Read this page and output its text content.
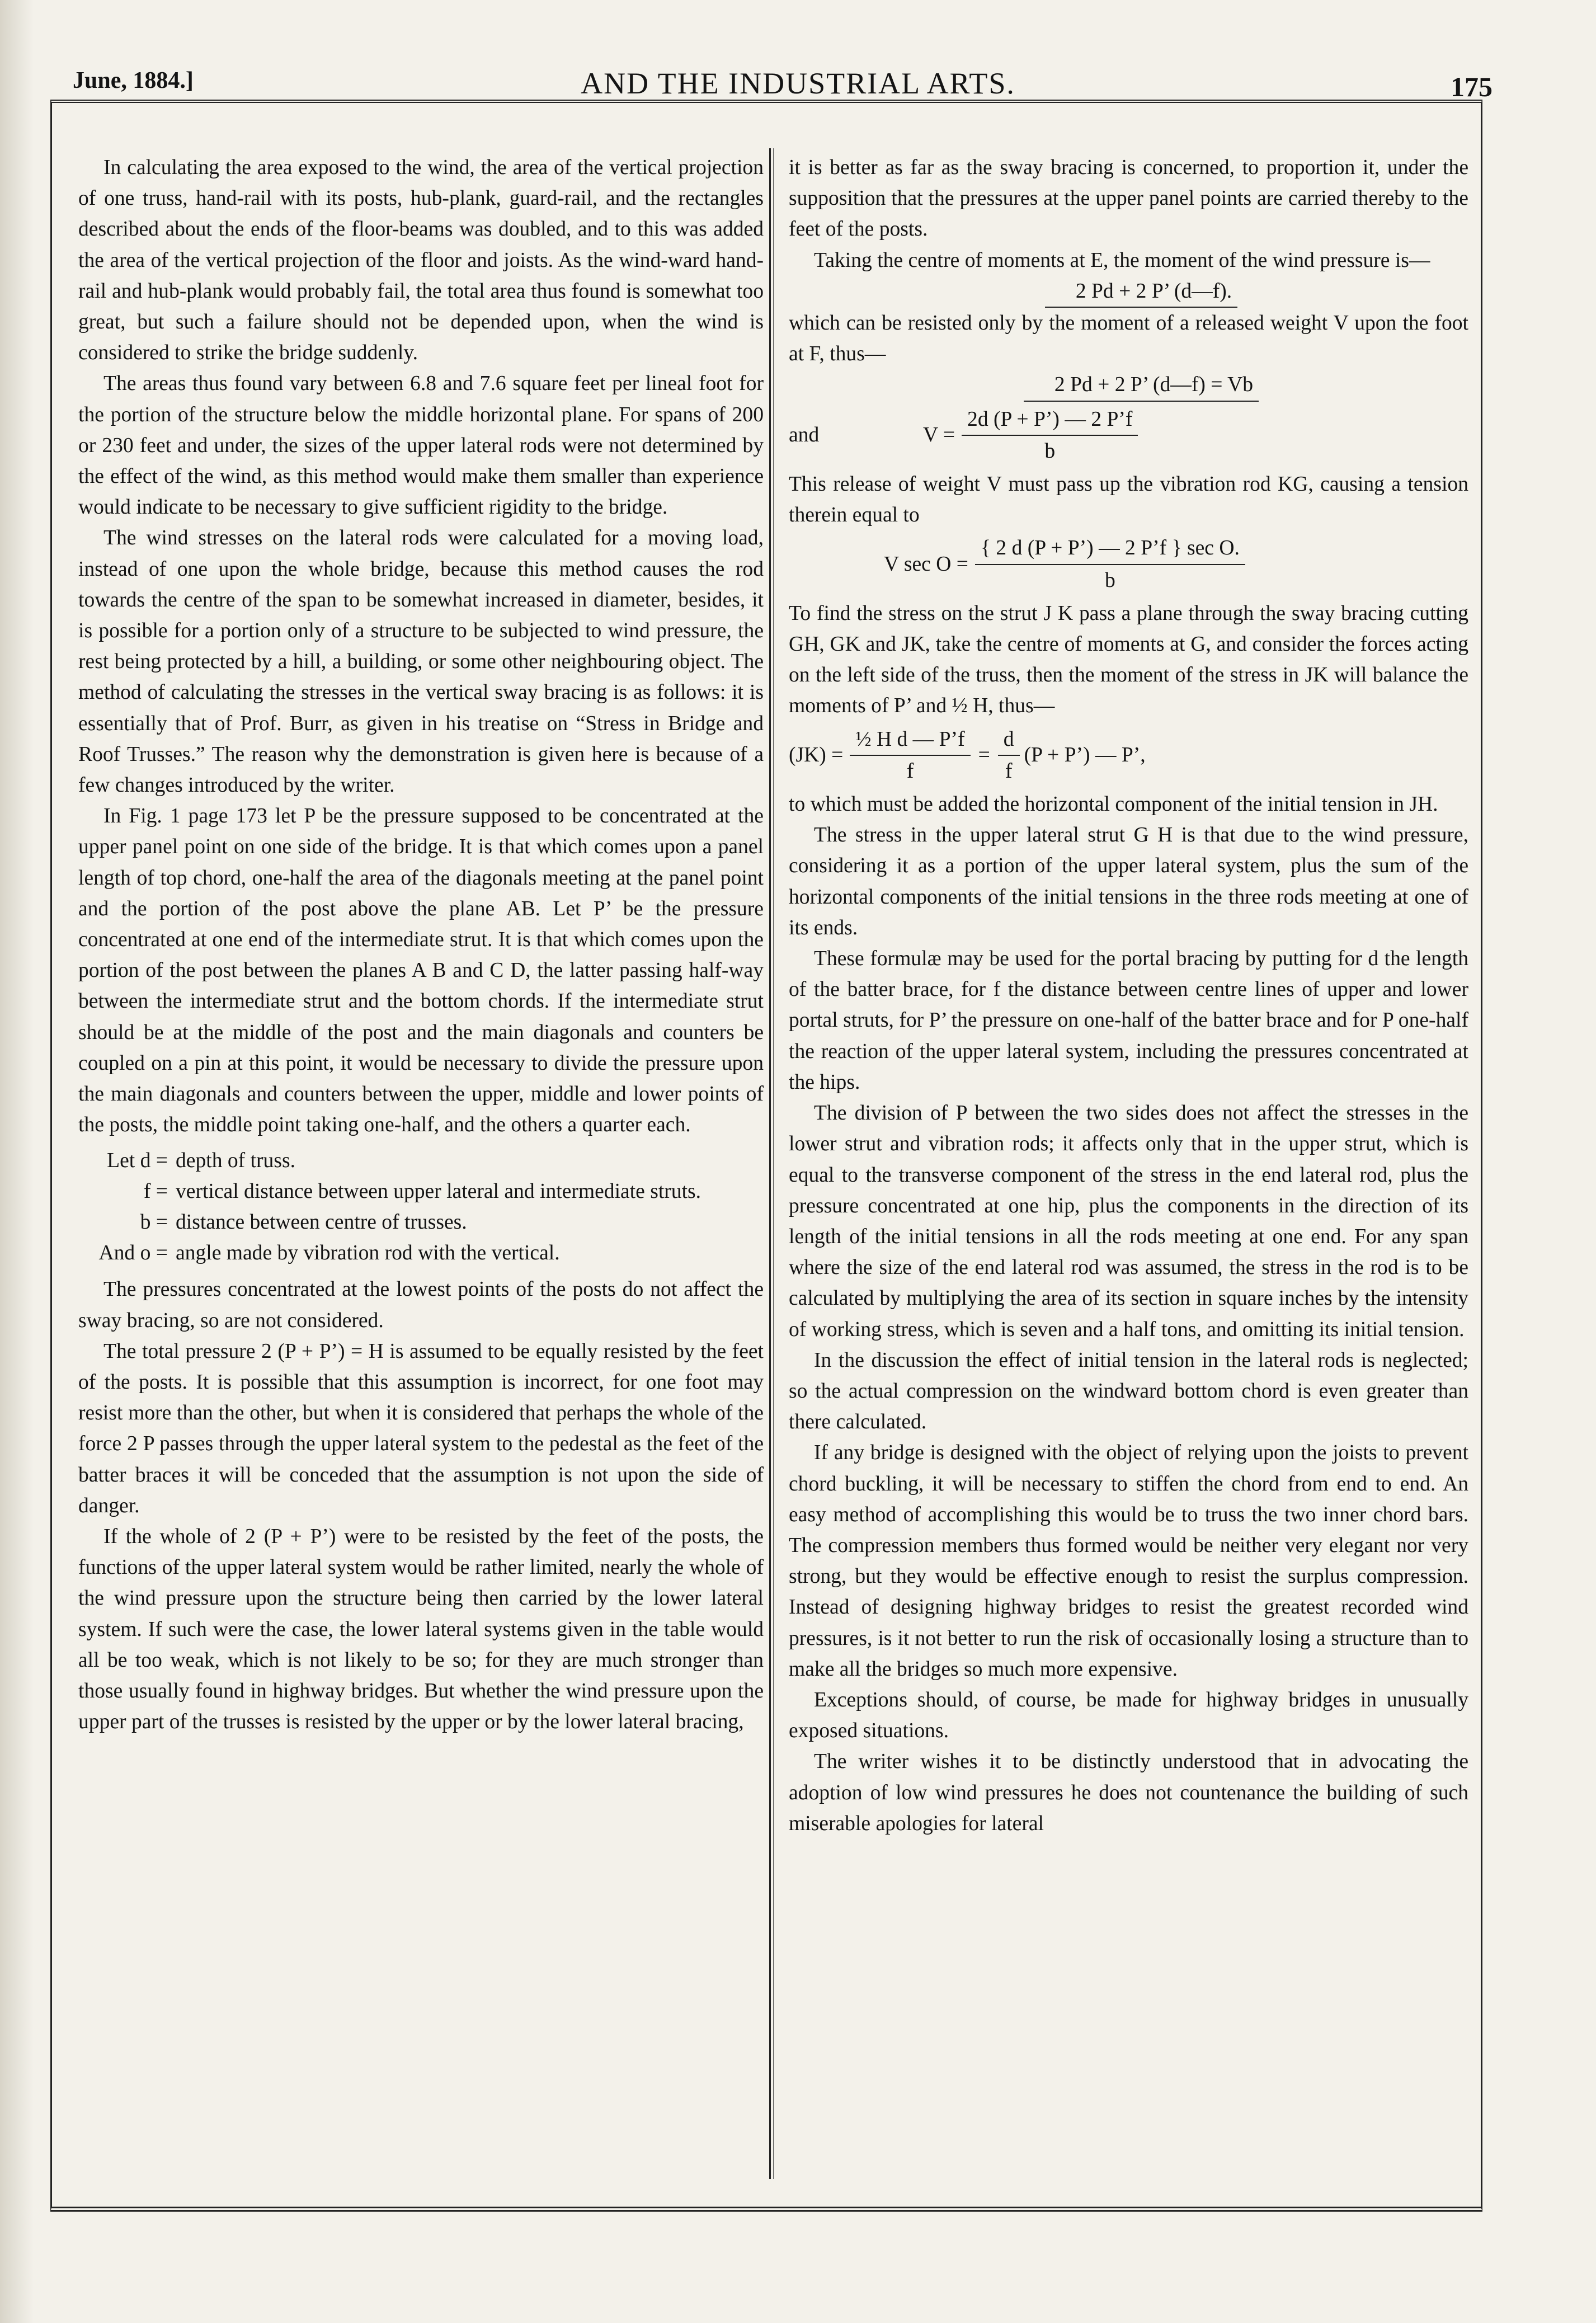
June, 1884.]	AND THE INDUSTRIAL ARTS.	175

In calculating the area exposed to the wind, the area of the vertical projection of one truss, hand-rail with its posts, hub-plank, guard-rail, and the rectangles described about the ends of the floor-beams was doubled, and to this was added the area of the vertical projection of the floor and joists. As the wind-ward hand-rail and hub-plank would probably fail, the total area thus found is somewhat too great, but such a failure should not be depended upon, when the wind is considered to strike the bridge suddenly.

The areas thus found vary between 6.8 and 7.6 square feet per lineal foot for the portion of the structure below the middle horizontal plane. For spans of 200 or 230 feet and under, the sizes of the upper lateral rods were not determined by the effect of the wind, as this method would make them smaller than experience would indicate to be necessary to give sufficient rigidity to the bridge.

The wind stresses on the lateral rods were calculated for a moving load, instead of one upon the whole bridge, because this method causes the rod towards the centre of the span to be somewhat increased in diameter, besides, it is possible for a portion only of a structure to be subjected to wind pressure, the rest being protected by a hill, a building, or some other neighbouring object. The method of calculating the stresses in the vertical sway bracing is as follows: it is essentially that of Prof. Burr, as given in his treatise on “Stress in Bridge and Roof Trusses.” The reason why the demonstration is given here is because of a few changes introduced by the writer.

In Fig. 1 page 173 let P be the pressure supposed to be concentrated at the upper panel point on one side of the bridge. It is that which comes upon a panel length of top chord, one-half the area of the diagonals meeting at the panel point and the portion of the post above the plane AB. Let P’ be the pressure concentrated at one end of the intermediate strut. It is that which comes upon the portion of the post between the planes A B and C D, the latter passing half-way between the intermediate strut and the bottom chords. If the intermediate strut should be at the middle of the post and the main diagonals and counters be coupled on a pin at this point, it would be necessary to divide the pressure upon the main diagonals and counters between the upper, middle and lower points of the posts, the middle point taking one-half, and the others a quarter each.

Let d = depth of truss.
f = vertical distance between upper lateral and intermediate struts.
b = distance between centre of trusses.
And o = angle made by vibration rod with the vertical.

The pressures concentrated at the lowest points of the posts do not affect the sway bracing, so are not considered.

The total pressure 2 (P + P’) = H is assumed to be equally resisted by the feet of the posts. It is possible that this assumption is incorrect, for one foot may resist more than the other, but when it is considered that perhaps the whole of the force 2 P passes through the upper lateral system to the pedestal as the feet of the batter braces it will be conceded that the assumption is not upon the side of danger.

If the whole of 2 (P + P’) were to be resisted by the feet of the posts, the functions of the upper lateral system would be rather limited, nearly the whole of the wind pressure upon the structure being then carried by the lower lateral system. If such were the case, the lower lateral systems given in the table would all be too weak, which is not likely to be so; for they are much stronger than those usually found in highway bridges. But whether the wind pressure upon the upper part of the trusses is resisted by the upper or by the lower lateral bracing,

it is better as far as the sway bracing is concerned, to proportion it, under the supposition that the pressures at the upper panel points are carried thereby to the feet of the posts.

Taking the centre of moments at E, the moment of the wind pressure is—

2 Pd + 2 P’ (d—f).

which can be resisted only by the moment of a released weight V upon the foot at F, thus—

2 Pd + 2 P’ (d—f) = Vb

and	$V = \frac{2d (P + P’) — 2 P’f}{b}$

This release of weight V must pass up the vibration rod KG, causing a tension therein equal to

V $\sec O = \frac{\text{\{ 2 d (P + P’) — 2 P’f \} sec O.}}{b}$

To find the stress on the strut J K pass a plane through the sway bracing cutting GH, GK and JK, take the centre of moments at G, and consider the forces acting on the left side of the truss, then the moment of the stress in JK will balance the moments of P’ and ½ H, thus—

$(JK) = \frac{\text{½ H d — P’f}}{f} = \frac{d}{f} (P$ + P’) — P’,

to which must be added the horizontal component of the initial tension in JH.

The stress in the upper lateral strut G H is that due to the wind pressure, considering it as a portion of the upper lateral system, plus the sum of the horizontal components of the initial tensions in the three rods meeting at one of its ends.

These formulæ may be used for the portal bracing by putting for d the length of the batter brace, for f the distance between centre lines of upper and lower portal struts, for P’ the pressure on one-half of the batter brace and for P one-half the reaction of the upper lateral system, including the pressures concentrated at the hips.

The division of P between the two sides does not affect the stresses in the lower strut and vibration rods; it affects only that in the upper strut, which is equal to the transverse component of the stress in the end lateral rod, plus the pressure concentrated at one hip, plus the components in the direction of its length of the initial tensions in all the rods meeting at one end. For any span where the size of the end lateral rod was assumed, the stress in the rod is to be calculated by multiplying the area of its section in square inches by the intensity of working stress, which is seven and a half tons, and omitting its initial tension.

In the discussion the effect of initial tension in the lateral rods is neglected; so the actual compression on the windward bottom chord is even greater than there calculated.

If any bridge is designed with the object of relying upon the joists to prevent chord buckling, it will be necessary to stiffen the chord from end to end. An easy method of accomplishing this would be to truss the two inner chord bars. The compression members thus formed would be neither very elegant nor very strong, but they would be effective enough to resist the surplus compression. Instead of designing highway bridges to resist the greatest recorded wind pressures, is it not better to run the risk of occasionally losing a structure than to make all the bridges so much more expensive.

Exceptions should, of course, be made for highway bridges in unusually exposed situations.

The writer wishes it to be distinctly understood that in advocating the adoption of low wind pressures he does not countenance the building of such miserable apologies for lateral
